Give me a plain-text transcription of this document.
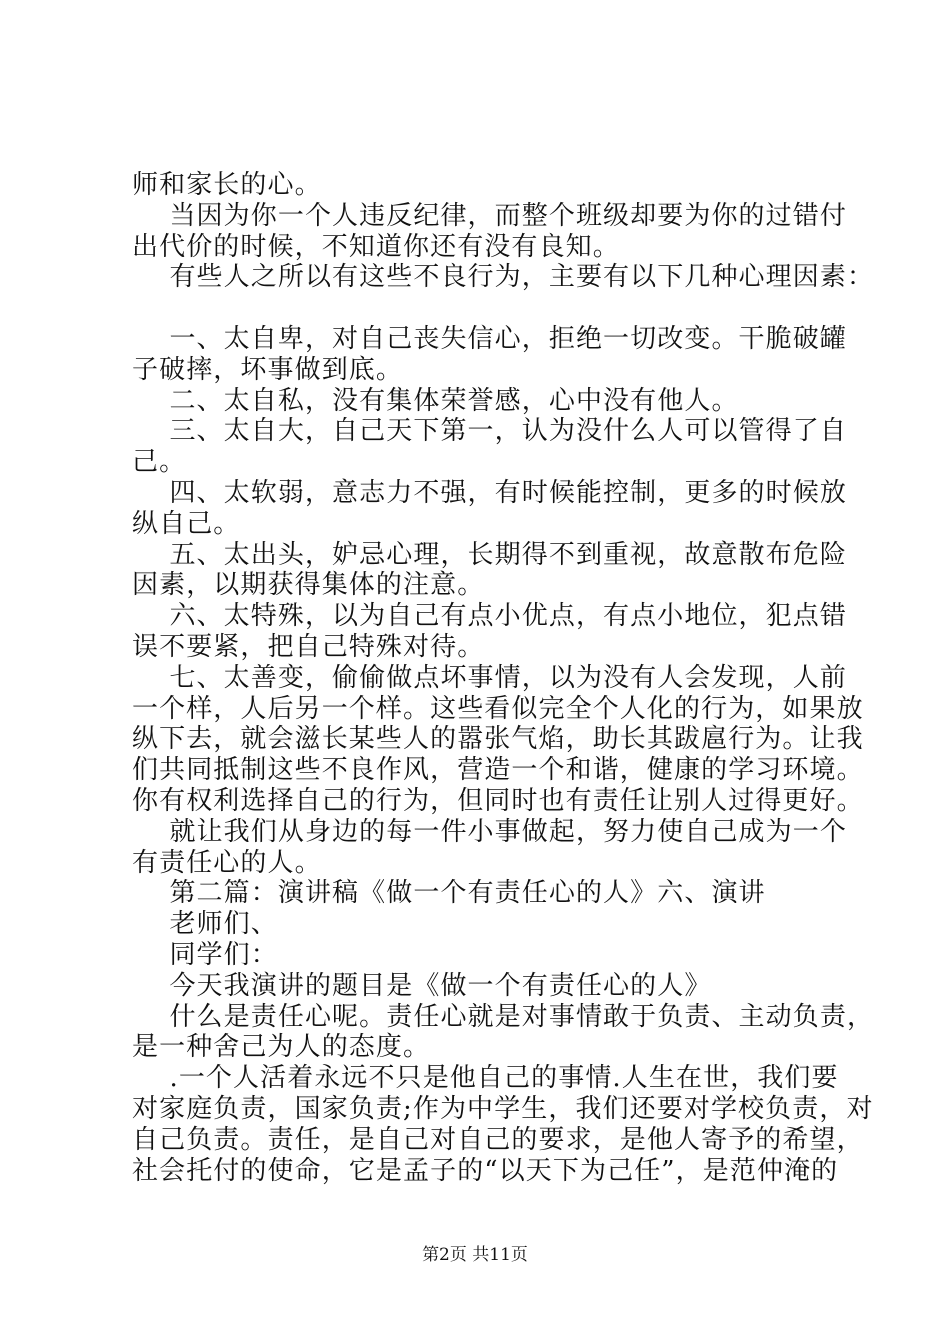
师和家长的心。
当因为你一个人违反纪律，而整个班级却要为你的过错付
出代价的时候，不知道你还有没有良知。
有些人之所以有这些不良行为，主要有以下几种心理因素：
一、太自卑，对自己丧失信心，拒绝一切改变。干脆破罐
子破摔，坏事做到底。
二、太自私，没有集体荣誉感，心中没有他人。
三、太自大，自己天下第一，认为没什么人可以管得了自
己。
四、太软弱，意志力不强，有时候能控制，更多的时候放
纵自己。
五、太出头，妒忌心理，长期得不到重视，故意散布危险
因素，以期获得集体的注意。
六、太特殊，以为自己有点小优点，有点小地位，犯点错
误不要紧，把自己特殊对待。
七、太善变，偷偷做点坏事情，以为没有人会发现，人前
一个样，人后另一个样。这些看似完全个人化的行为，如果放
纵下去，就会滋长某些人的嚣张气焰，助长其跋扈行为。让我
们共同抵制这些不良作风，营造一个和谐，健康的学习环境。
你有权利选择自己的行为，但同时也有责任让别人过得更好。
就让我们从身边的每一件小事做起，努力使自己成为一个
有责任心的人。
第二篇：演讲稿《做一个有责任心的人》六、演讲
老师们、
同学们：
今天我演讲的题目是《做一个有责任心的人》
什么是责任心呢。责任心就是对事情敢于负责、主动负责，
是一种舍己为人的态度。
.一个人活着永远不只是他自己的事情.人生在世，我们要
对家庭负责，国家负责;作为中学生，我们还要对学校负责，对
自己负责。责任，是自己对自己的要求，是他人寄予的希望，
社会托付的使命，它是孟子的“以天下为己任”，是范仲淹的
第2页 共11页
